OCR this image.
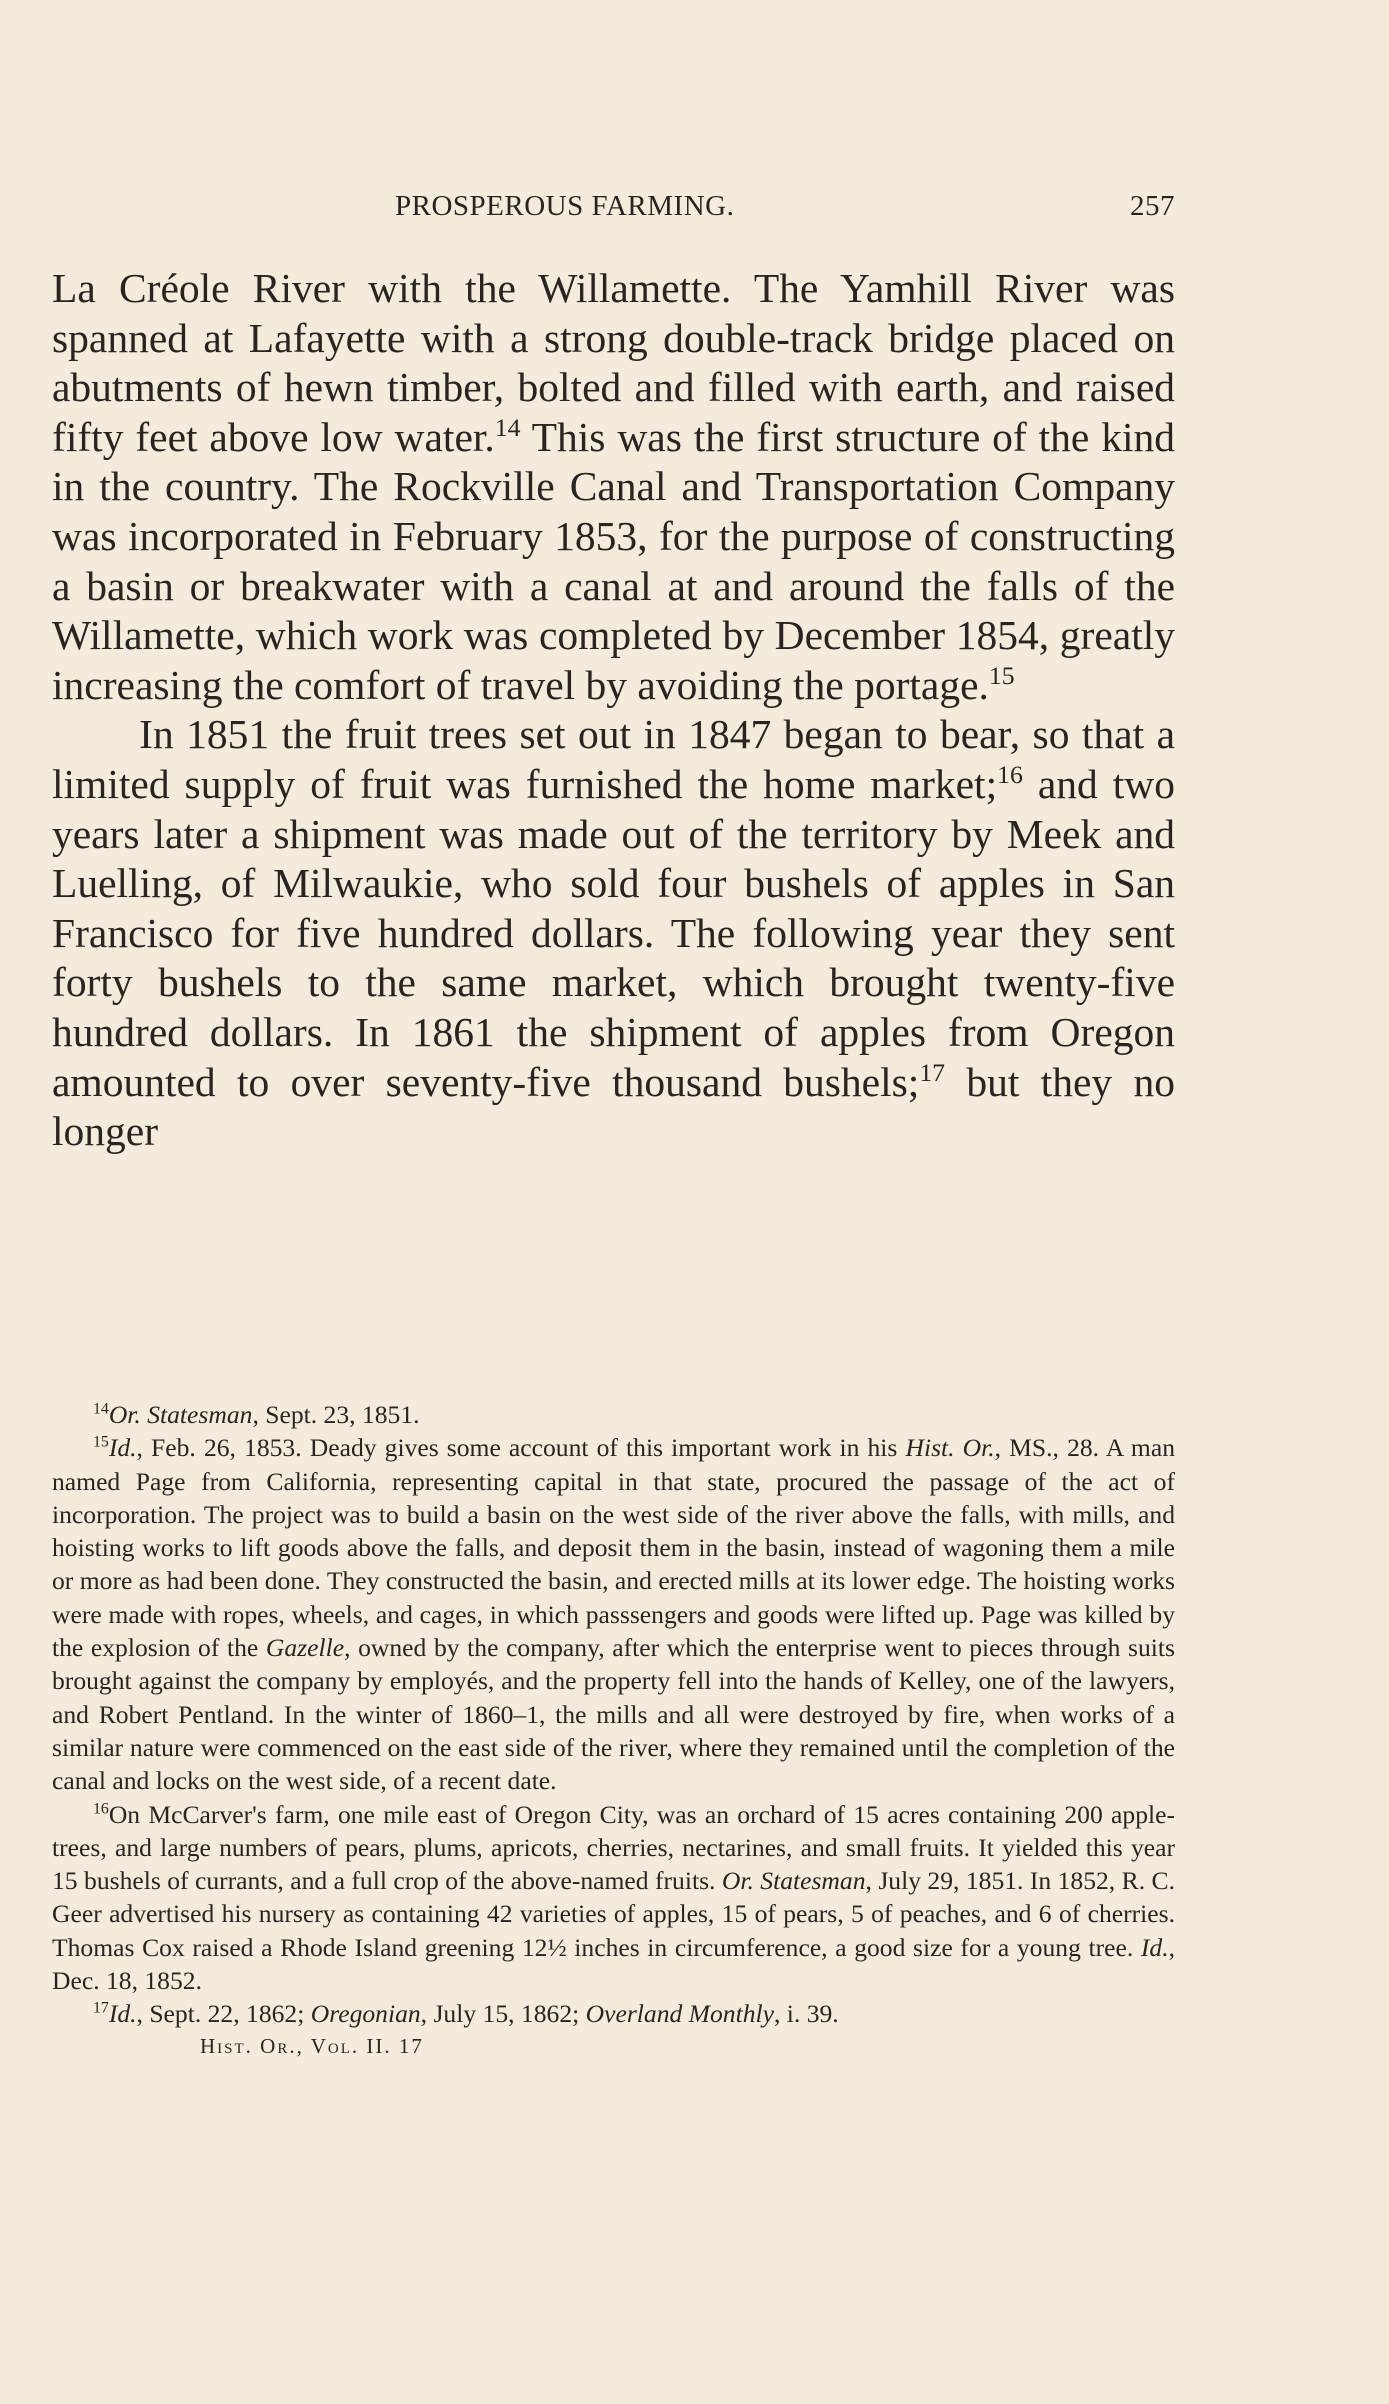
PROSPEROUS FARMING.	257

La Créole River with the Willamette. The Yamhill River was spanned at Lafayette with a strong double-track bridge placed on abutments of hewn timber, bolted and filled with earth, and raised fifty feet above low water.$^{14}$ This was the first structure of the kind in the country. The Rockville Canal and Transportation Company was incorporated in February 1853, for the purpose of constructing a basin or breakwater with a canal at and around the falls of the Willamette, which work was completed by December 1854, greatly increasing the comfort of travel by avoiding the portage.$^{15}$

In 1851 the fruit trees set out in 1847 began to bear, so that a limited supply of fruit was furnished the home market;$^{16}$ and two years later a shipment was made out of the territory by Meek and Luelling, of Milwaukie, who sold four bushels of apples in San Francisco for five hundred dollars. The following year they sent forty bushels to the same market, which brought twenty-five hundred dollars. In 1861 the shipment of apples from Oregon amounted to over seventy-five thousand bushels;$^{17}$ but they no longer

$^{14}$Or. Statesman, Sept. 23, 1851.

$^{15}$Id., Feb. 26, 1853. Deady gives some account of this important work in his Hist. Or., MS., 28. A man named Page from California, representing capital in that state, procured the passage of the act of incorporation. The project was to build a basin on the west side of the river above the falls, with mills, and hoisting works to lift goods above the falls, and deposit them in the basin, instead of wagoning them a mile or more as had been done. They constructed the basin, and erected mills at its lower edge. The hoisting works were made with ropes, wheels, and cages, in which passsengers and goods were lifted up. Page was killed by the explosion of the Gazelle, owned by the company, after which the enterprise went to pieces through suits brought against the company by employés, and the property fell into the hands of Kelley, one of the lawyers, and Robert Pentland. In the winter of 1860–1, the mills and all were destroyed by fire, when works of a similar nature were commenced on the east side of the river, where they remained until the completion of the canal and locks on the west side, of a recent date.

$^{16}$On McCarver's farm, one mile east of Oregon City, was an orchard of 15 acres containing 200 apple-trees, and large numbers of pears, plums, apricots, cherries, nectarines, and small fruits. It yielded this year 15 bushels of currants, and a full crop of the above-named fruits. Or. Statesman, July 29, 1851. In 1852, R. C. Geer advertised his nursery as containing 42 varieties of apples, 15 of pears, 5 of peaches, and 6 of cherries. Thomas Cox raised a Rhode Island greening 12½ inches in circumference, a good size for a young tree. Id., Dec. 18, 1852.

$^{17}$Id., Sept. 22, 1862; Oregonian, July 15, 1862; Overland Monthly, i. 39.

Hist. Or., Vol. II. 17
